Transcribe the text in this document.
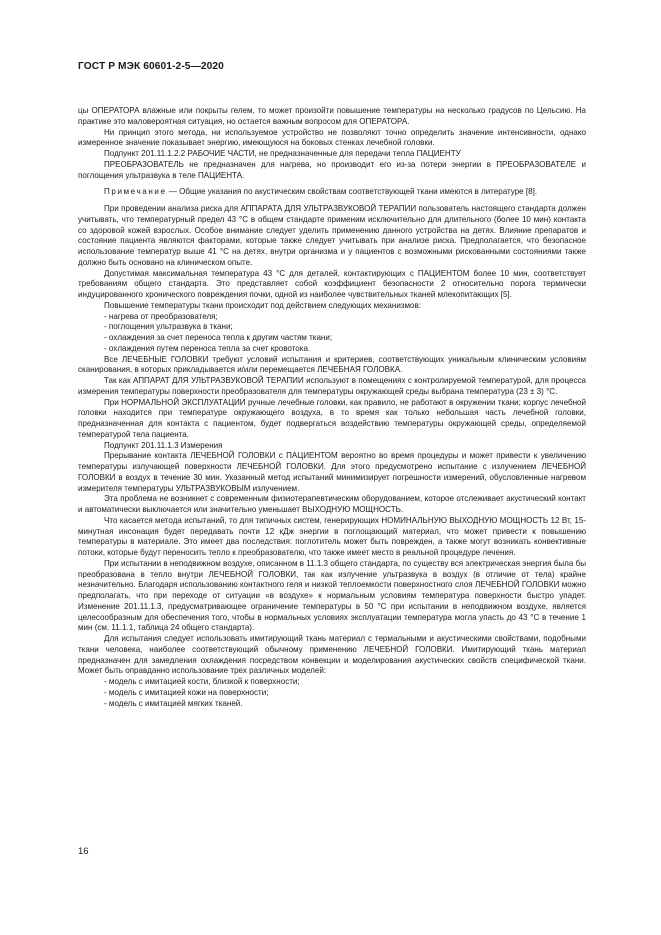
ГОСТ Р МЭК 60601-2-5—2020

цы ОПЕРАТОРА влажные или покрыты гелем, то может произойти повышение температуры на несколько градусов по Цельсию. На практике это маловероятная ситуация, но остается важным вопросом для ОПЕРАТОРА.

Ни принцип этого метода, ни используемое устройство не позволяют точно определить значение интенсивности, однако измеренное значение показывает энергию, имеющуюся на боковых стенках лечебной головки.

Подпункт 201.11.1.2.2 РАБОЧИЕ ЧАСТИ, не предназначенные для передачи тепла ПАЦИЕНТУ

ПРЕОБРАЗОВАТЕЛЬ не предназначен для нагрева, но производит его из-за потери энергии в ПРЕОБРАЗОВАТЕЛЕ и поглощения ультразвука в теле ПАЦИЕНТА.

Примечание — Общие указания по акустическим свойствам соответствующей ткани имеются в литературе [8].

При проведении анализа риска для АППАРАТА ДЛЯ УЛЬТРАЗВУКОВОЙ ТЕРАПИИ пользователь настоящего стандарта должен учитывать, что температурный предел 43 °С в общем стандарте применим исключительно для длительного (более 10 мин) контакта со здоровой кожей взрослых. Особое внимание следует уделить применению данного устройства на детях. Влияние препаратов и состояние пациента являются факторами, которые также следует учитывать при анализе риска. Предполагается, что безопасное использование температур выше 41 °С на детях, внутри организма и у пациентов с возможными рискованными состояниями также должно быть основано на клиническом опыте.

Допустимая максимальная температура 43 °С для деталей, контактирующих с ПАЦИЕНТОМ более 10 мин, соответствует требованиям общего стандарта. Это представляет собой коэффициент безопасности 2 относительно порога термически индуцированного хронического повреждения почки, одной из наиболее чувствительных тканей млекопитающих [5].

Повышение температуры ткани происходит под действием следующих механизмов:

- нагрева от преобразователя;

- поглощения ультразвука в ткани;

- охлаждения за счет переноса тепла к другим частям ткани;

- охлаждения путем переноса тепла за счет кровотока.

Все ЛЕЧЕБНЫЕ ГОЛОВКИ требуют условий испытания и критериев, соответствующих уникальным клиническим условиям сканирования, в которых прикладывается и/или перемещается ЛЕЧЕБНАЯ ГОЛОВКА.

Так как АППАРАТ ДЛЯ УЛЬТРАЗВУКОВОЙ ТЕРАПИИ используют в помещениях с контролируемой температурой, для процесса измерения температуры поверхности преобразователя для температуры окружающей среды выбрана температура (23 ± 3) °С.

При НОРМАЛЬНОЙ ЭКСПЛУАТАЦИИ ручные лечебные головки, как правило, не работают в окружении ткани; корпус лечебной головки находится при температуре окружающего воздуха, в то время как только небольшая часть лечебной головки, предназначенная для контакта с пациентом, будет подвергаться воздействию температуры окружающей среды, определяемой температурой тела пациента.

Подпункт 201.11.1.3 Измерения

Прерывание контакта ЛЕЧЕБНОЙ ГОЛОВКИ с ПАЦИЕНТОМ вероятно во время процедуры и может привести к увеличению температуры излучающей поверхности ЛЕЧЕБНОЙ ГОЛОВКИ. Для этого предусмотрено испытание с излучением ЛЕЧЕБНОЙ ГОЛОВКИ в воздух в течение 30 мин. Указанный метод испытаний минимизирует погрешности измерений, обусловленные нагревом измерителя температуры УЛЬТРАЗВУКОВЫМ излучением.

Эта проблема не возникнет с современным физиотерапевтическим оборудованием, которое отслеживает акустический контакт и автоматически выключается или значительно уменьшает ВЫХОДНУЮ МОЩНОСТЬ.

Что касается метода испытаний, то для типичных систем, генерирующих НОМИНАЛЬНУЮ ВЫХОДНУЮ МОЩНОСТЬ 12 Вт, 15-минутная инсонация будет передавать почти 12 кДж энергии в поглощающий материал, что может привести к повышению температуры в материале. Это имеет два последствия: поглотитель может быть поврежден, а также могут возникать конвективные потоки, которые будут переносить тепло к преобразователю, что также имеет место в реальной процедуре лечения.

При испытании в неподвижном воздухе, описанном в 11.1.3 общего стандарта, по существу вся электрическая энергия была бы преобразована в тепло внутри ЛЕЧЕБНОЙ ГОЛОВКИ, так как излучение ультразвука в воздух (в отличие от тела) крайне незначительно. Благодаря использованию контактного геля и низкой теплоемкости поверхностного слоя ЛЕЧЕБНОЙ ГОЛОВКИ можно предполагать, что при переходе от ситуации «в воздухе» к нормальным условиям температура поверхности быстро упадет. Изменение 201.11.1.3, предусматривающее ограничение температуры в 50 °С при испытании в неподвижном воздухе, является целесообразным для обеспечения того, чтобы в нормальных условиях эксплуатации температура могла упасть до 43 °С в течение 1 мин (см. 11.1.1, таблица 24 общего стандарта).

Для испытания следует использовать имитирующий ткань материал с термальными и акустическими свойствами, подобными ткани человека, наиболее соответствующий обычному применению ЛЕЧЕБНОЙ ГОЛОВКИ. Имитирующий ткань материал предназначен для замедления охлаждения посредством конвекции и моделирования акустических свойств специфической ткани. Может быть оправданно использование трех различных моделей:

- модель с имитацией кости, близкой к поверхности;

- модель с имитацией кожи на поверхности;

- модель с имитацией мягких тканей.

16
